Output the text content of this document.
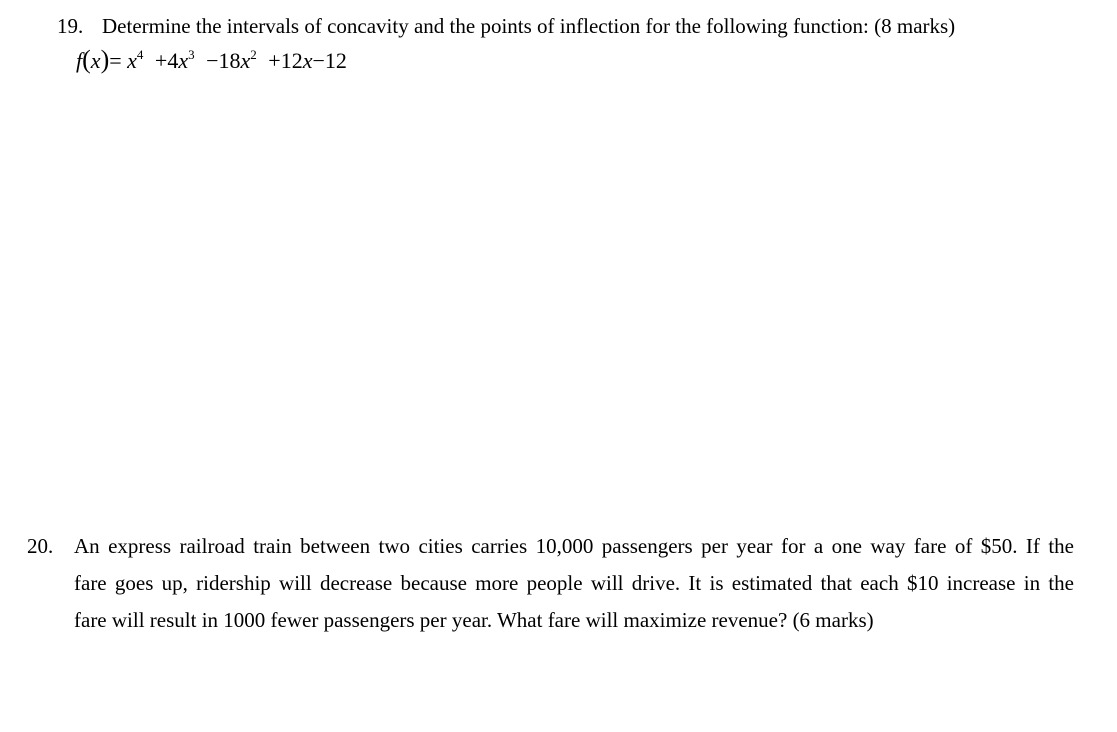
19. Determine the intervals of concavity and the points of inflection for the following function: (8 marks)
$f(x)= x^4 +4x^3 -18x^2 +12x-12$
20. An express railroad train between two cities carries 10,000 passengers per year for a one way fare of $50. If the
fare goes up, ridership will decrease because more people will drive. It is estimated that each $10 increase in the
fare will result in 1000 fewer passengers per year. What fare will maximize revenue? (6 marks)
